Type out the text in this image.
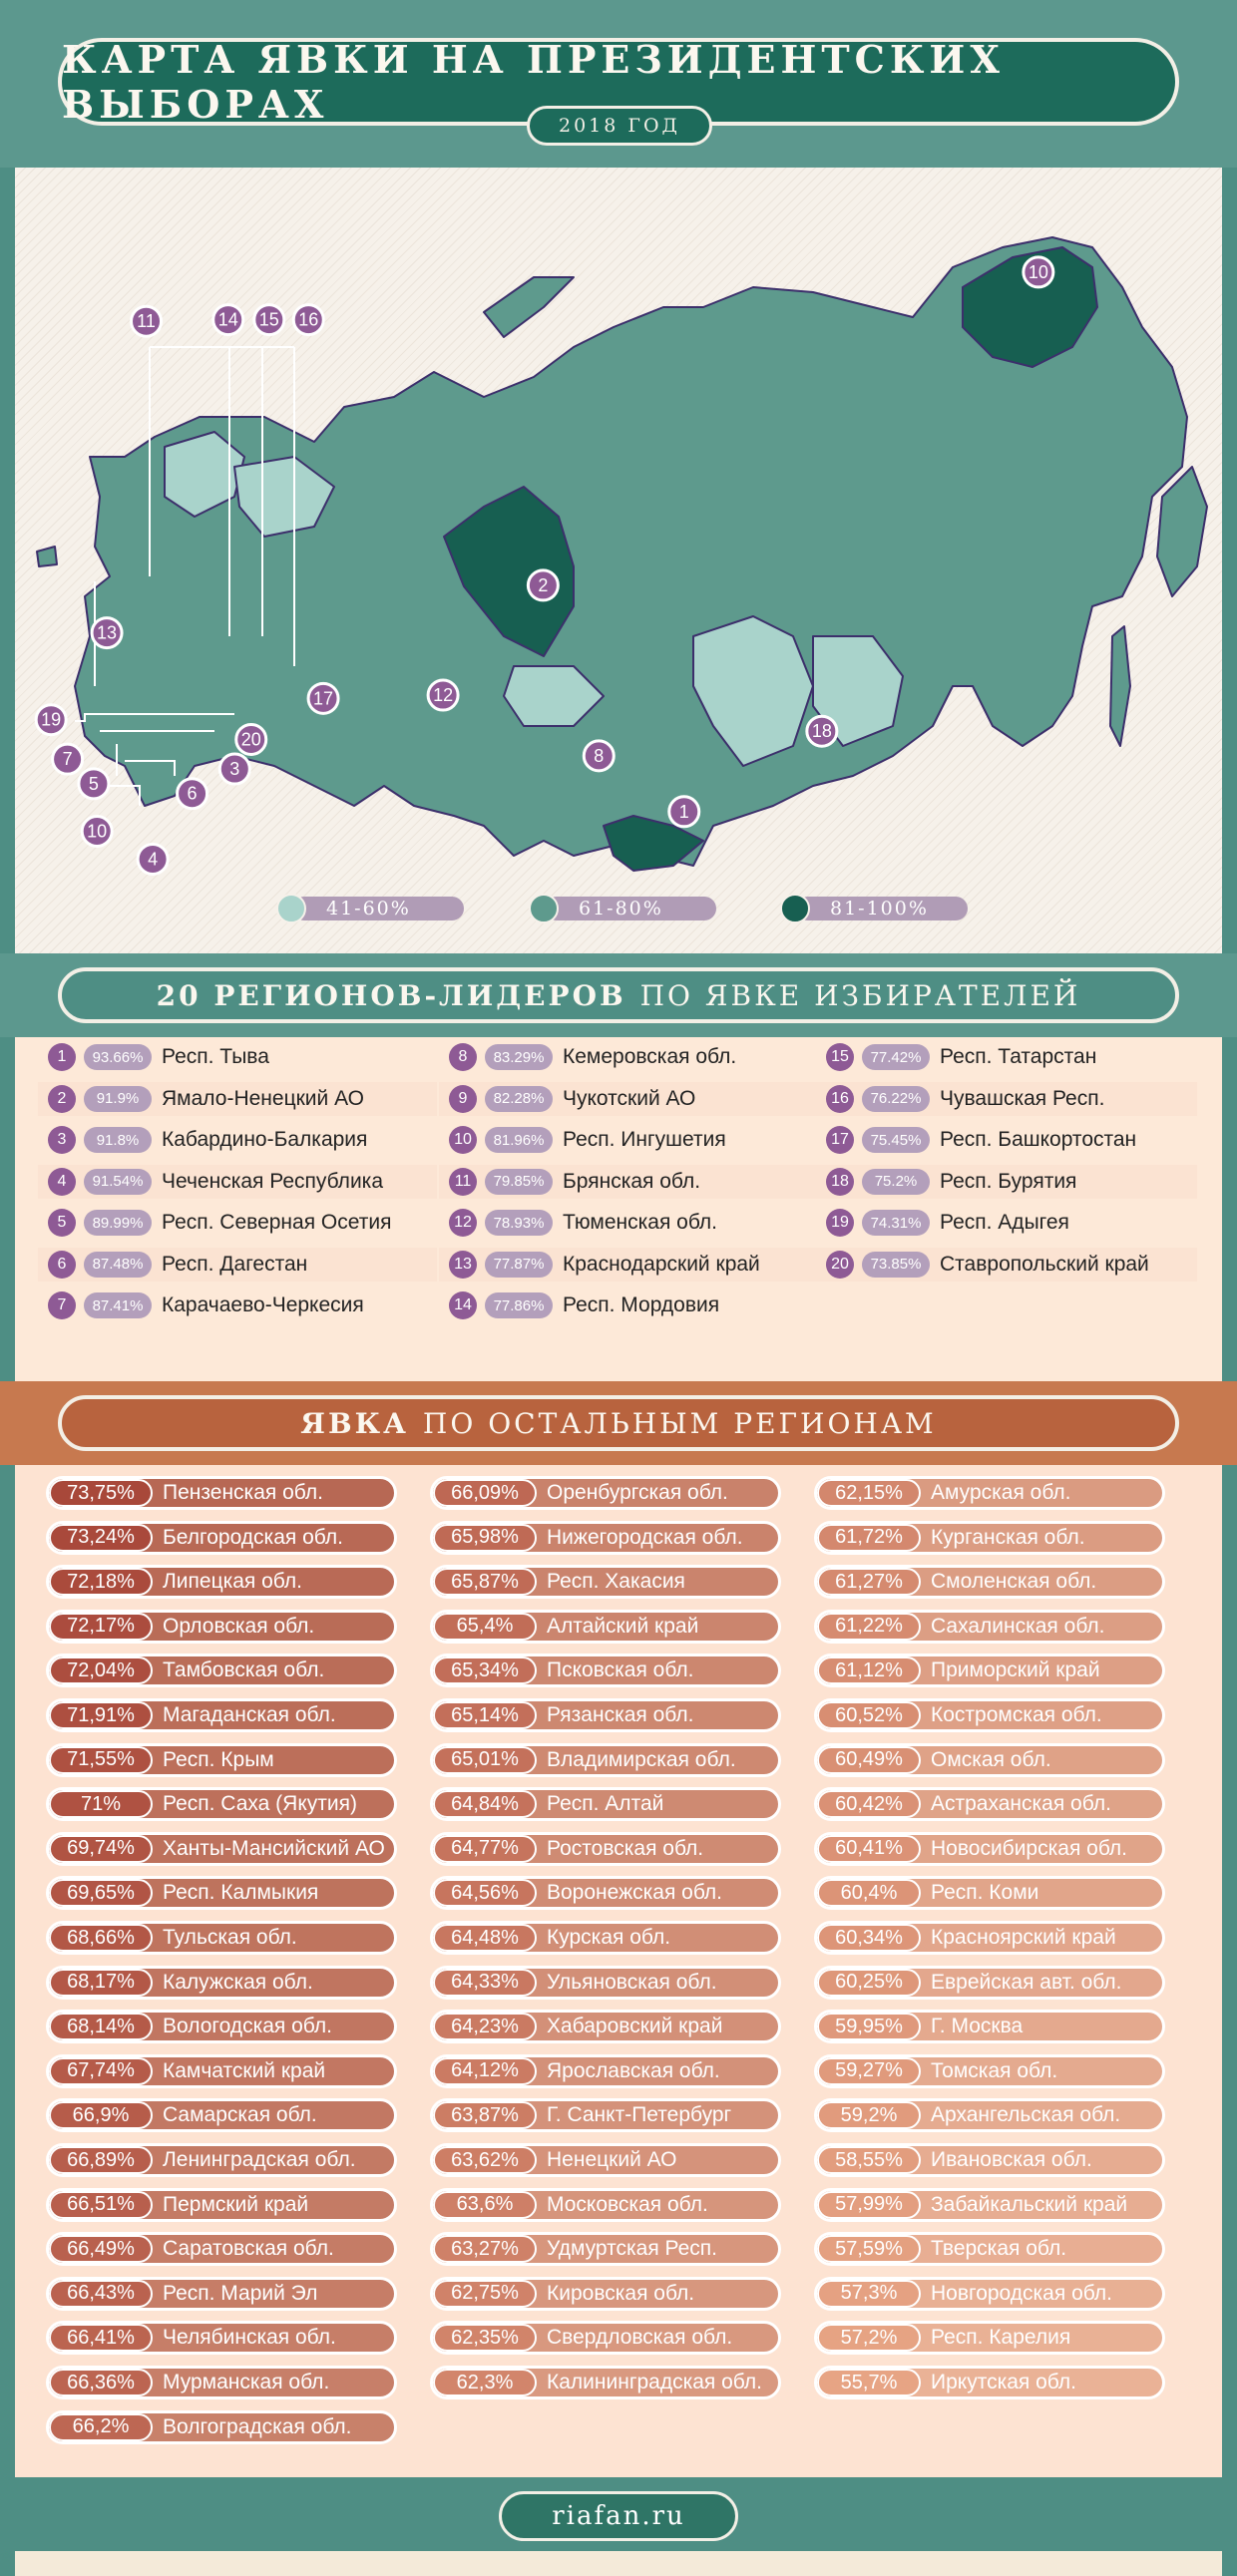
КАРТА ЯВКИ НА ПРЕЗИДЕНТСКИХ ВЫБОРАХ	2018 ГОД
1
2
3
4
5	6
7	8
10
10
11
12
13
14 15 16
17
18
19
20
41-60%	61-80%	81-100%
20 РЕГИОНОВ-ЛИДЕРОВ ПО ЯВКЕ ИЗБИРАТЕЛЕЙ
1	93.66% Респ. Тыва
2	91.9%	Ямало-Ненецкий АО
3	91.8%	Кабардино-Балкария
4	91.54% Чеченская Республика
5	89.99% Респ. Северная Осетия
6	87.48% Респ. Дагестан
7	87.41% Карачаево-Черкесия
8	83.29% Кемеровская обл.
9	82.28% Чукотский АО
10	81.96% Респ. Ингушетия
11	79.85% Брянская обл.
12	78.93% Тюменская обл.
13	77.87% Краснодарский край
14	77.86% Респ. Мордовия
15	77.42% Респ. Татарстан
16	76.22% Чувашская Респ.
17	75.45% Респ. Башкортостан
18	75.2%	Респ. Бурятия
19	74.31% Респ. Адыгея
20	73.85% Ставропольский край
ЯВКА ПО ОСТАЛЬНЫМ РЕГИОНАМ
73,75%	Пензенская обл.
73,24%	Белгородская обл.
72,18%	Липецкая обл.
72,17%	Орловская обл.
72,04%	Тамбовская обл.
71,91%	Магаданская обл.
71,55%	Респ. Крым
71%	Респ. Саха (Якутия)
69,74%	Ханты-Мансийский АО
69,65%	Респ. Калмыкия
68,66%	Тульская обл.
68,17%	Калужская обл.
68,14%	Вологодская обл.
67,74%	Камчатский край
66,9%	Самарская обл.
66,89%	Ленинградская обл.
66,51%	Пермский край
66,49%	Саратовская обл.
66,43%	Респ. Марий Эл
66,41%	Челябинская обл.
66,36%	Мурманская обл.
66,2%	Волгоградская обл.
66,09%	Оренбургская обл.
65,98%	Нижегородская обл.
65,87%	Респ. Хакасия
65,4%	Алтайский край
65,34%	Псковская обл.
65,14%	Рязанская обл.
65,01%	Владимирская обл.
64,84%	Респ. Алтай
64,77%	Ростовская обл.
64,56%	Воронежская обл.
64,48%	Курская обл.
64,33%	Ульяновская обл.
64,23%	Хабаровский край
64,12%	Ярославская обл.
63,87%	Г. Санкт-Петербург
63,62%	Ненецкий АО
63,6%	Московская обл.
63,27%	Удмуртская Респ.
62,75%	Кировская обл.
62,35%	Свердловская обл.
62,3%	Калининградская обл.
62,15%	Амурская обл.
61,72%	Курганская обл.
61,27%	Смоленская обл.
61,22%	Сахалинская обл.
61,12%	Приморский край
60,52%	Костромская обл.
60,49%	Омская обл.
60,42%	Астраханская обл.
60,41%	Новосибирская обл.
60,4%	Респ. Коми
60,34%	Красноярский край
60,25%	Еврейская авт. обл.
59,95%	Г. Москва
59,27%	Томская обл.
59,2%	Архангельская обл.
58,55%	Ивановская обл.
57,99%	Забайкальский край
57,59%	Тверская обл.
57,3%	Новгородская обл.
57,2%	Респ. Карелия
55,7%	Иркутская обл.
riafan.ru
